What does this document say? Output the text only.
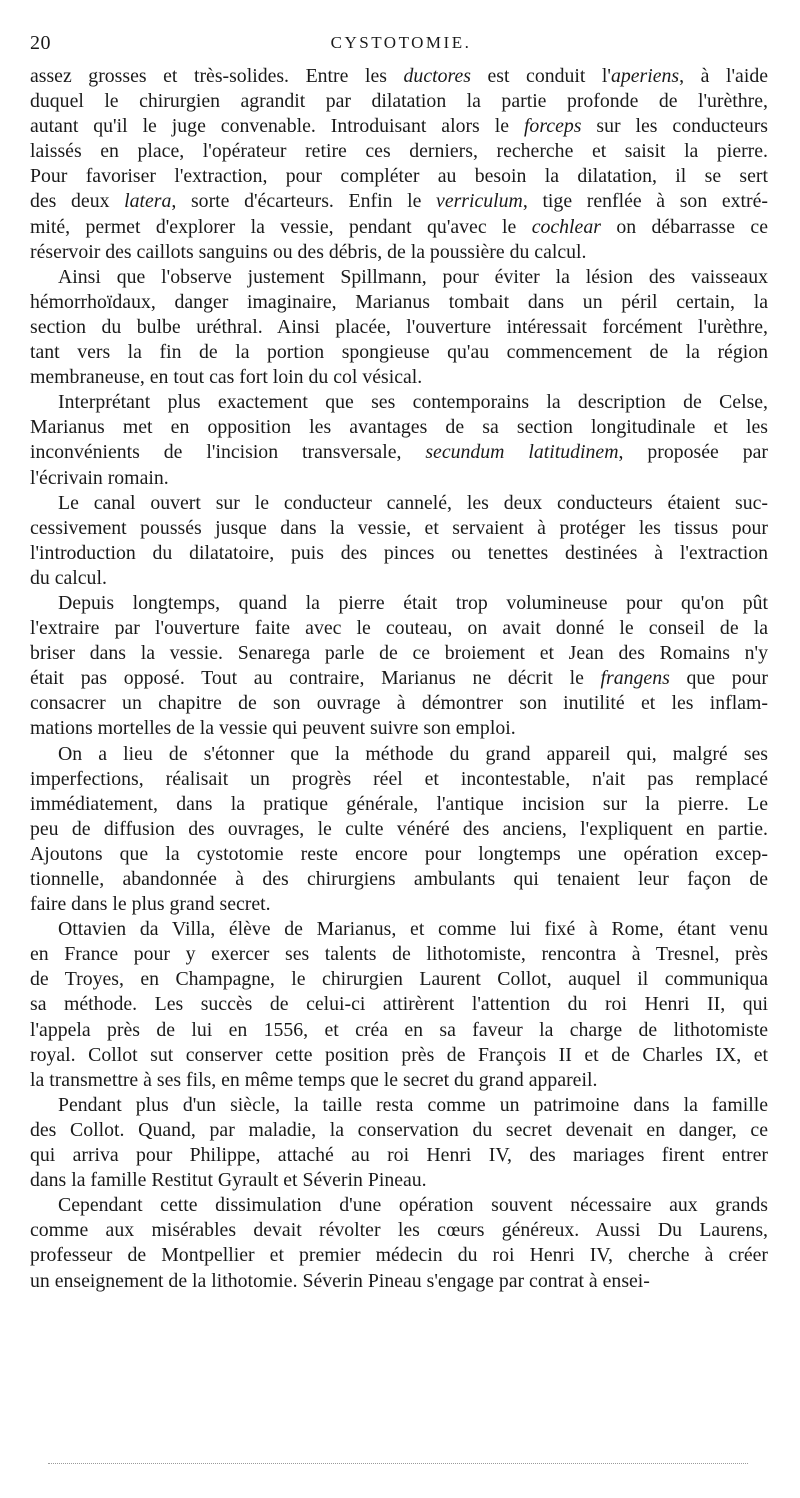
20	CYSTOTOMIE.
assez grosses et très-solides. Entre les ductores est conduit l'aperiens, à l'aide
duquel le chirurgien agrandit par dilatation la partie profonde de l'urèthre,
autant qu'il le juge convenable. Introduisant alors le forceps sur les conducteurs
laissés en place, l'opérateur retire ces derniers, recherche et saisit la pierre.
Pour favoriser l'extraction, pour compléter au besoin la dilatation, il se sert
des deux latera, sorte d'écarteurs. Enfin le verriculum, tige renflée à son extré-
mité, permet d'explorer la vessie, pendant qu'avec le cochlear on débarrasse ce
réservoir des caillots sanguins ou des débris, de la poussière du calcul.
Ainsi que l'observe justement Spillmann, pour éviter la lésion des vaisseaux
hémorrhoïdaux, danger imaginaire, Marianus tombait dans un péril certain, la
section du bulbe uréthral. Ainsi placée, l'ouverture intéressait forcément l'urèthre,
tant vers la fin de la portion spongieuse qu'au commencement de la région
membraneuse, en tout cas fort loin du col vésical.
Interprétant plus exactement que ses contemporains la description de Celse,
Marianus met en opposition les avantages de sa section longitudinale et les
inconvénients de l'incision transversale, secundum latitudinem, proposée par
l'écrivain romain.
Le canal ouvert sur le conducteur cannelé, les deux conducteurs étaient suc-
cessivement poussés jusque dans la vessie, et servaient à protéger les tissus pour
l'introduction du dilatatoire, puis des pinces ou tenettes destinées à l'extraction
du calcul.
Depuis longtemps, quand la pierre était trop volumineuse pour qu'on pût
l'extraire par l'ouverture faite avec le couteau, on avait donné le conseil de la
briser dans la vessie. Senarega parle de ce broiement et Jean des Romains n'y
était pas opposé. Tout au contraire, Marianus ne décrit le frangens que pour
consacrer un chapitre de son ouvrage à démontrer son inutilité et les inflam-
mations mortelles de la vessie qui peuvent suivre son emploi.
On a lieu de s'étonner que la méthode du grand appareil qui, malgré ses
imperfections, réalisait un progrès réel et incontestable, n'ait pas remplacé
immédiatement, dans la pratique générale, l'antique incision sur la pierre. Le
peu de diffusion des ouvrages, le culte vénéré des anciens, l'expliquent en partie.
Ajoutons que la cystotomie reste encore pour longtemps une opération excep-
tionnelle, abandonnée à des chirurgiens ambulants qui tenaient leur façon de
faire dans le plus grand secret.
Ottavien da Villa, élève de Marianus, et comme lui fixé à Rome, étant venu
en France pour y exercer ses talents de lithotomiste, rencontra à Tresnel, près
de Troyes, en Champagne, le chirurgien Laurent Collot, auquel il communiqua
sa méthode. Les succès de celui-ci attirèrent l'attention du roi Henri II, qui
l'appela près de lui en 1556, et créa en sa faveur la charge de lithotomiste
royal. Collot sut conserver cette position près de François II et de Charles IX, et
la transmettre à ses fils, en même temps que le secret du grand appareil.
Pendant plus d'un siècle, la taille resta comme un patrimoine dans la famille
des Collot. Quand, par maladie, la conservation du secret devenait en danger, ce
qui arriva pour Philippe, attaché au roi Henri IV, des mariages firent entrer
dans la famille Restitut Gyrault et Séverin Pineau.
Cependant cette dissimulation d'une opération souvent nécessaire aux grands
comme aux misérables devait révolter les cœurs généreux. Aussi Du Laurens,
professeur de Montpellier et premier médecin du roi Henri IV, cherche à créer
un enseignement de la lithotomie. Séverin Pineau s'engage par contrat à ensei-
